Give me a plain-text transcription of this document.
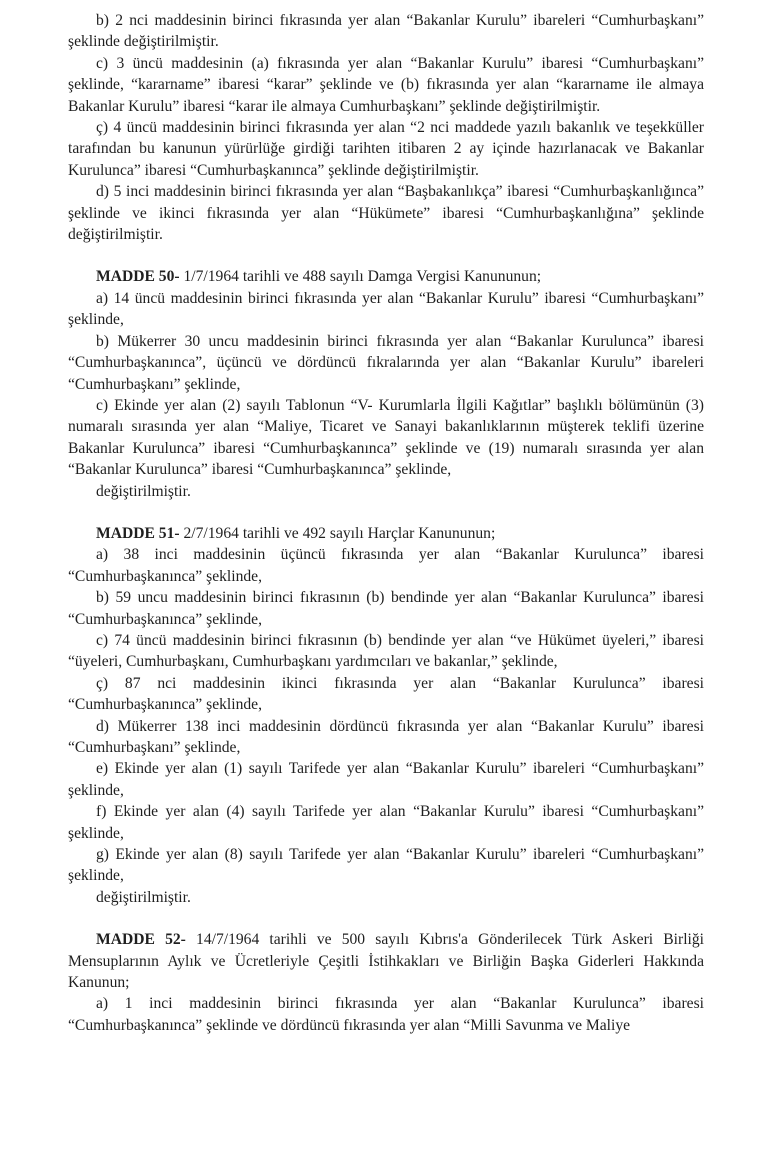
b) 2 nci maddesinin birinci fıkrasında yer alan “Bakanlar Kurulu” ibareleri “Cumhurbaşkanı” şeklinde değiştirilmiştir.

c) 3 üncü maddesinin (a) fıkrasında yer alan “Bakanlar Kurulu” ibaresi “Cumhurbaşkanı” şeklinde, “kararname” ibaresi “karar” şeklinde ve (b) fıkrasında yer alan “kararname ile almaya Bakanlar Kurulu” ibaresi “karar ile almaya Cumhurbaşkanı” şeklinde değiştirilmiştir.

ç) 4 üncü maddesinin birinci fıkrasında yer alan “2 nci maddede yazılı bakanlık ve teşekküller tarafından bu kanunun yürürlüğe girdiği tarihten itibaren 2 ay içinde hazırlanacak ve Bakanlar Kurulunca” ibaresi “Cumhurbaşkanınca” şeklinde değiştirilmiştir.

d) 5 inci maddesinin birinci fıkrasında yer alan “Başbakanlıkça” ibaresi “Cumhurbaşkanlığınca” şeklinde ve ikinci fıkrasında yer alan “Hükümete” ibaresi “Cumhurbaşkanlığına” şeklinde değiştirilmiştir.

MADDE 50- 1/7/1964 tarihli ve 488 sayılı Damga Vergisi Kanununun;

a) 14 üncü maddesinin birinci fıkrasında yer alan “Bakanlar Kurulu” ibaresi “Cumhurbaşkanı” şeklinde,

b) Mükerrer 30 uncu maddesinin birinci fıkrasında yer alan “Bakanlar Kurulunca” ibaresi “Cumhurbaşkanınca”, üçüncü ve dördüncü fıkralarında yer alan “Bakanlar Kurulu” ibareleri “Cumhurbaşkanı” şeklinde,

c) Ekinde yer alan (2) sayılı Tablonun “V- Kurumlarla İlgili Kağıtlar” başlıklı bölümünün (3) numaralı sırasında yer alan “Maliye, Ticaret ve Sanayi bakanlıklarının müşterek teklifi üzerine Bakanlar Kurulunca” ibaresi “Cumhurbaşkanınca” şeklinde ve (19) numaralı sırasında yer alan “Bakanlar Kurulunca” ibaresi “Cumhurbaşkanınca” şeklinde,

değiştirilmiştir.

MADDE 51- 2/7/1964 tarihli ve 492 sayılı Harçlar Kanununun;

a) 38 inci maddesinin üçüncü fıkrasında yer alan “Bakanlar Kurulunca” ibaresi “Cumhurbaşkanınca” şeklinde,

b) 59 uncu maddesinin birinci fıkrasının (b) bendinde yer alan “Bakanlar Kurulunca” ibaresi “Cumhurbaşkanınca” şeklinde,

c) 74 üncü maddesinin birinci fıkrasının (b) bendinde yer alan “ve Hükümet üyeleri,” ibaresi “üyeleri, Cumhurbaşkanı, Cumhurbaşkanı yardımcıları ve bakanlar,” şeklinde,

ç) 87 nci maddesinin ikinci fıkrasında yer alan “Bakanlar Kurulunca” ibaresi “Cumhurbaşkanınca” şeklinde,

d) Mükerrer 138 inci maddesinin dördüncü fıkrasında yer alan “Bakanlar Kurulu” ibaresi “Cumhurbaşkanı” şeklinde,

e) Ekinde yer alan (1) sayılı Tarifede yer alan “Bakanlar Kurulu” ibareleri “Cumhurbaşkanı” şeklinde,

f) Ekinde yer alan (4) sayılı Tarifede yer alan “Bakanlar Kurulu” ibaresi “Cumhurbaşkanı” şeklinde,

g) Ekinde yer alan (8) sayılı Tarifede yer alan “Bakanlar Kurulu” ibareleri “Cumhurbaşkanı” şeklinde,

değiştirilmiştir.

MADDE 52- 14/7/1964 tarihli ve 500 sayılı Kıbrıs'a Gönderilecek Türk Askeri Birliği Mensuplarının Aylık ve Ücretleriyle Çeşitli İstihkakları ve Birliğin Başka Giderleri Hakkında Kanunun;

a) 1 inci maddesinin birinci fıkrasında yer alan “Bakanlar Kurulunca” ibaresi “Cumhurbaşkanınca” şeklinde ve dördüncü fıkrasında yer alan “Milli Savunma ve Maliye
